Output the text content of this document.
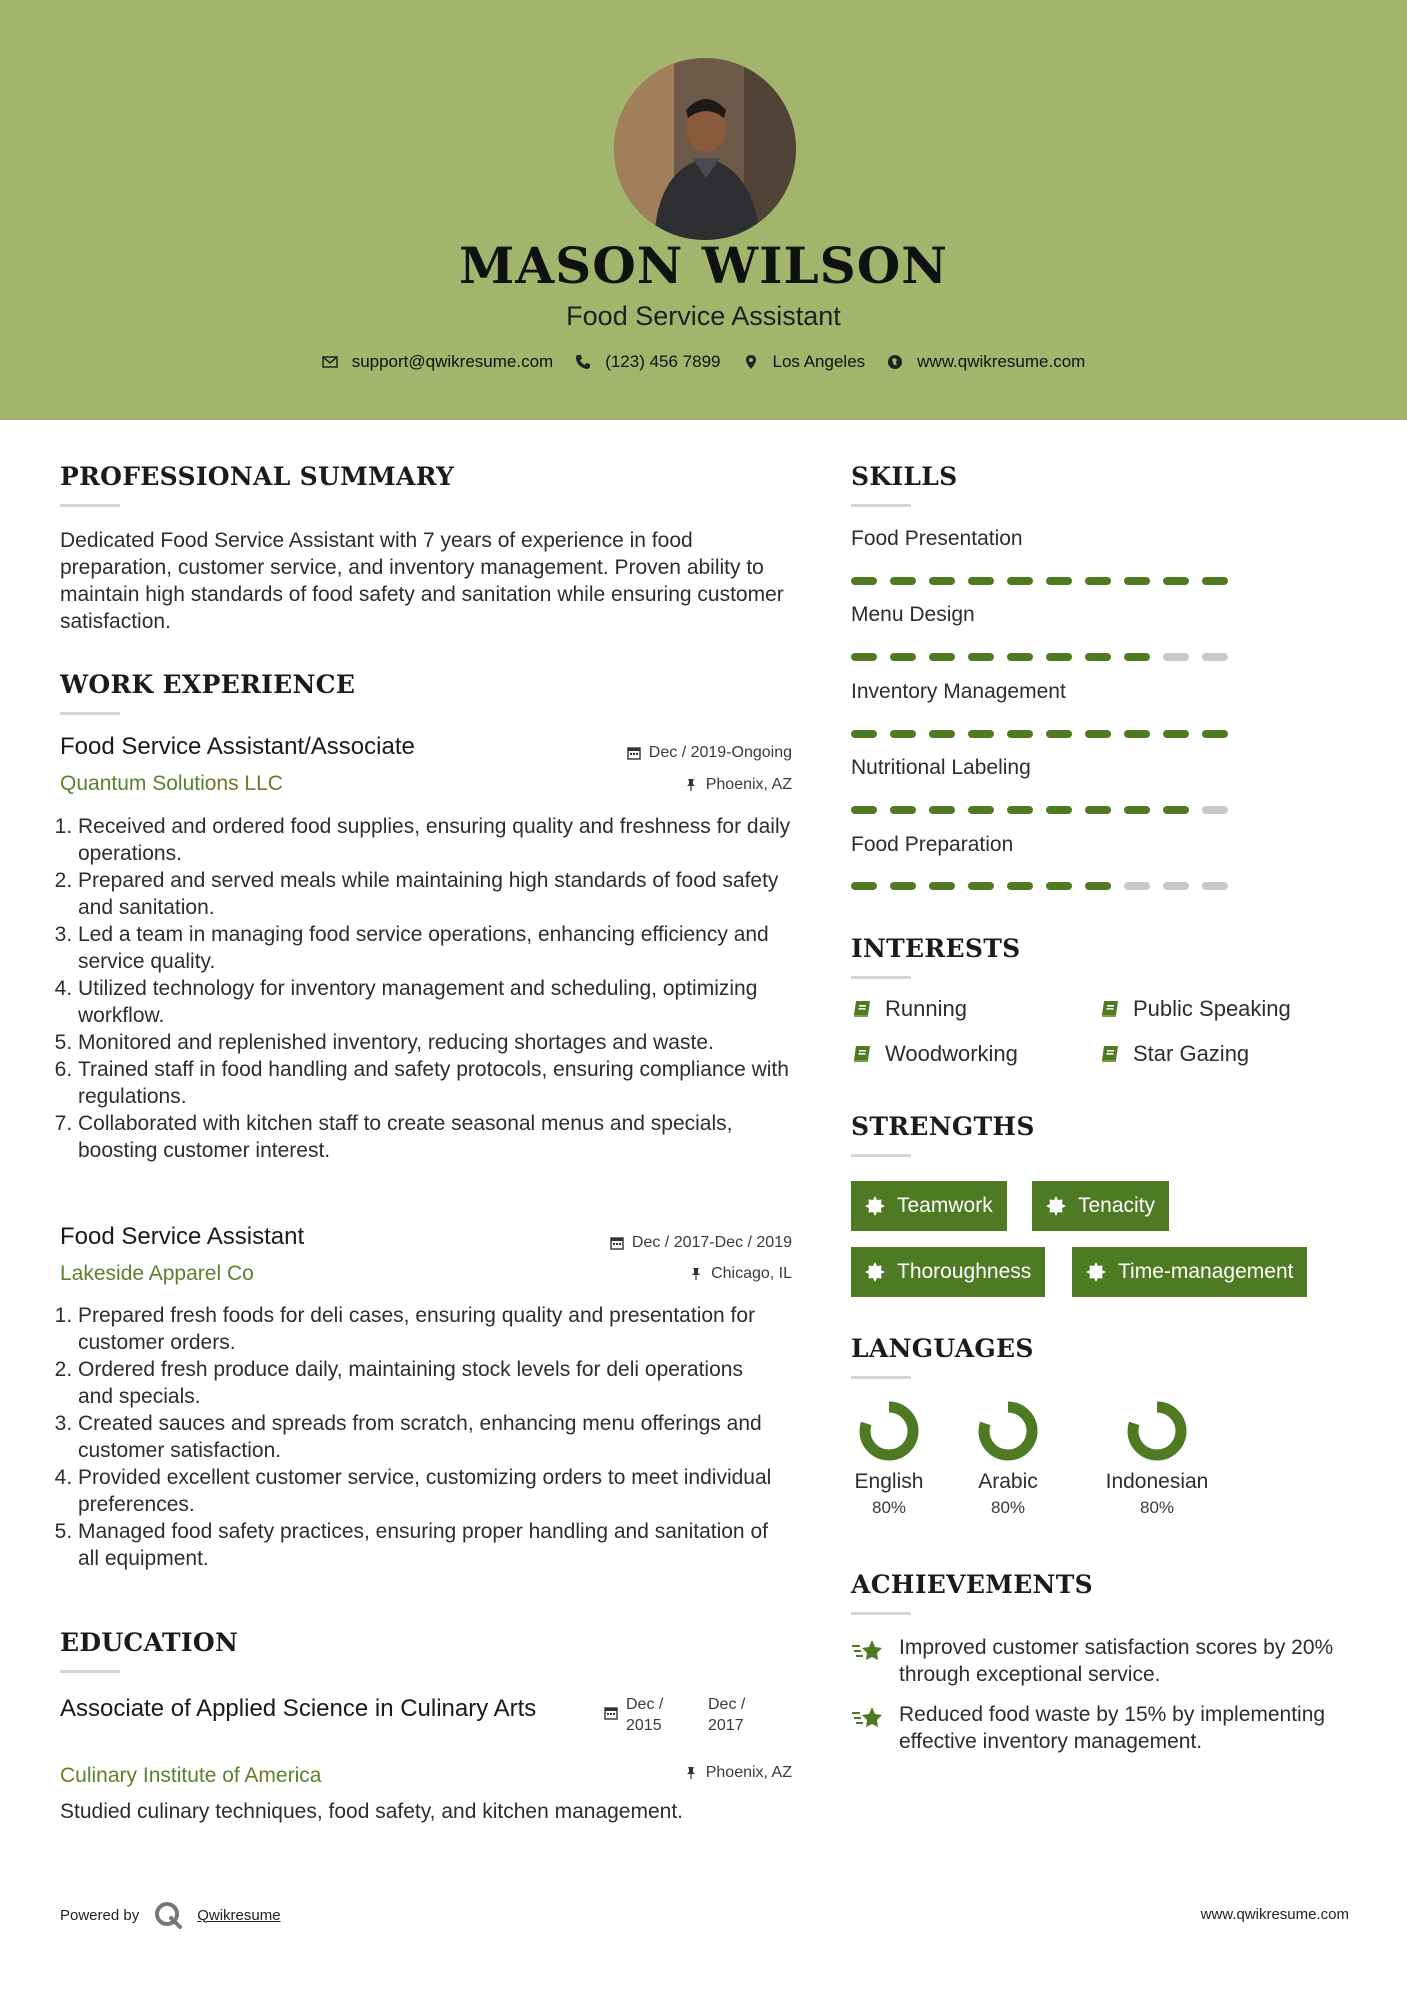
MASON WILSON
Food Service Assistant
support@qwikresume.com	(123) 456 7899	Los Angeles	www.qwikresume.com
PROFESSIONAL SUMMARY
Dedicated Food Service Assistant with 7 years of experience in food preparation, customer service, and inventory management. Proven ability to maintain high standards of food safety and sanitation while ensuring customer satisfaction.
WORK EXPERIENCE
Food Service Assistant/Associate	Dec / 2019-Ongoing
Quantum Solutions LLC	Phoenix, AZ
1. Received and ordered food supplies, ensuring quality and freshness for daily operations.
2. Prepared and served meals while maintaining high standards of food safety and sanitation.
3. Led a team in managing food service operations, enhancing efficiency and service quality.
4. Utilized technology for inventory management and scheduling, optimizing workflow.
5. Monitored and replenished inventory, reducing shortages and waste.
6. Trained staff in food handling and safety protocols, ensuring compliance with regulations.
7. Collaborated with kitchen staff to create seasonal menus and specials, boosting customer interest.
Food Service Assistant	Dec / 2017-Dec / 2019
Lakeside Apparel Co	Chicago, IL
1. Prepared fresh foods for deli cases, ensuring quality and presentation for customer orders.
2. Ordered fresh produce daily, maintaining stock levels for deli operations and specials.
3. Created sauces and spreads from scratch, enhancing menu offerings and customer satisfaction.
4. Provided excellent customer service, customizing orders to meet individual preferences.
5. Managed food safety practices, ensuring proper handling and sanitation of all equipment.
EDUCATION
Associate of Applied Science in Culinary Arts	Dec / 2015
Dec / 2017
Culinary Institute of America	Phoenix, AZ
Studied culinary techniques, food safety, and kitchen management.
SKILLS
Food Presentation
Menu Design
Inventory Management
Nutritional Labeling
Food Preparation
INTERESTS
Running	Public Speaking
Woodworking	Star Gazing
STRENGTHS
Teamwork	Tenacity
Thoroughness	Time-management
LANGUAGES
English
80%
Arabic
80%
Indonesian
80%
ACHIEVEMENTS
Improved customer satisfaction scores by 20% through exceptional service.
Reduced food waste by 15% by implementing effective inventory management.
Powered by	Qwikresume	www.qwikresume.com
